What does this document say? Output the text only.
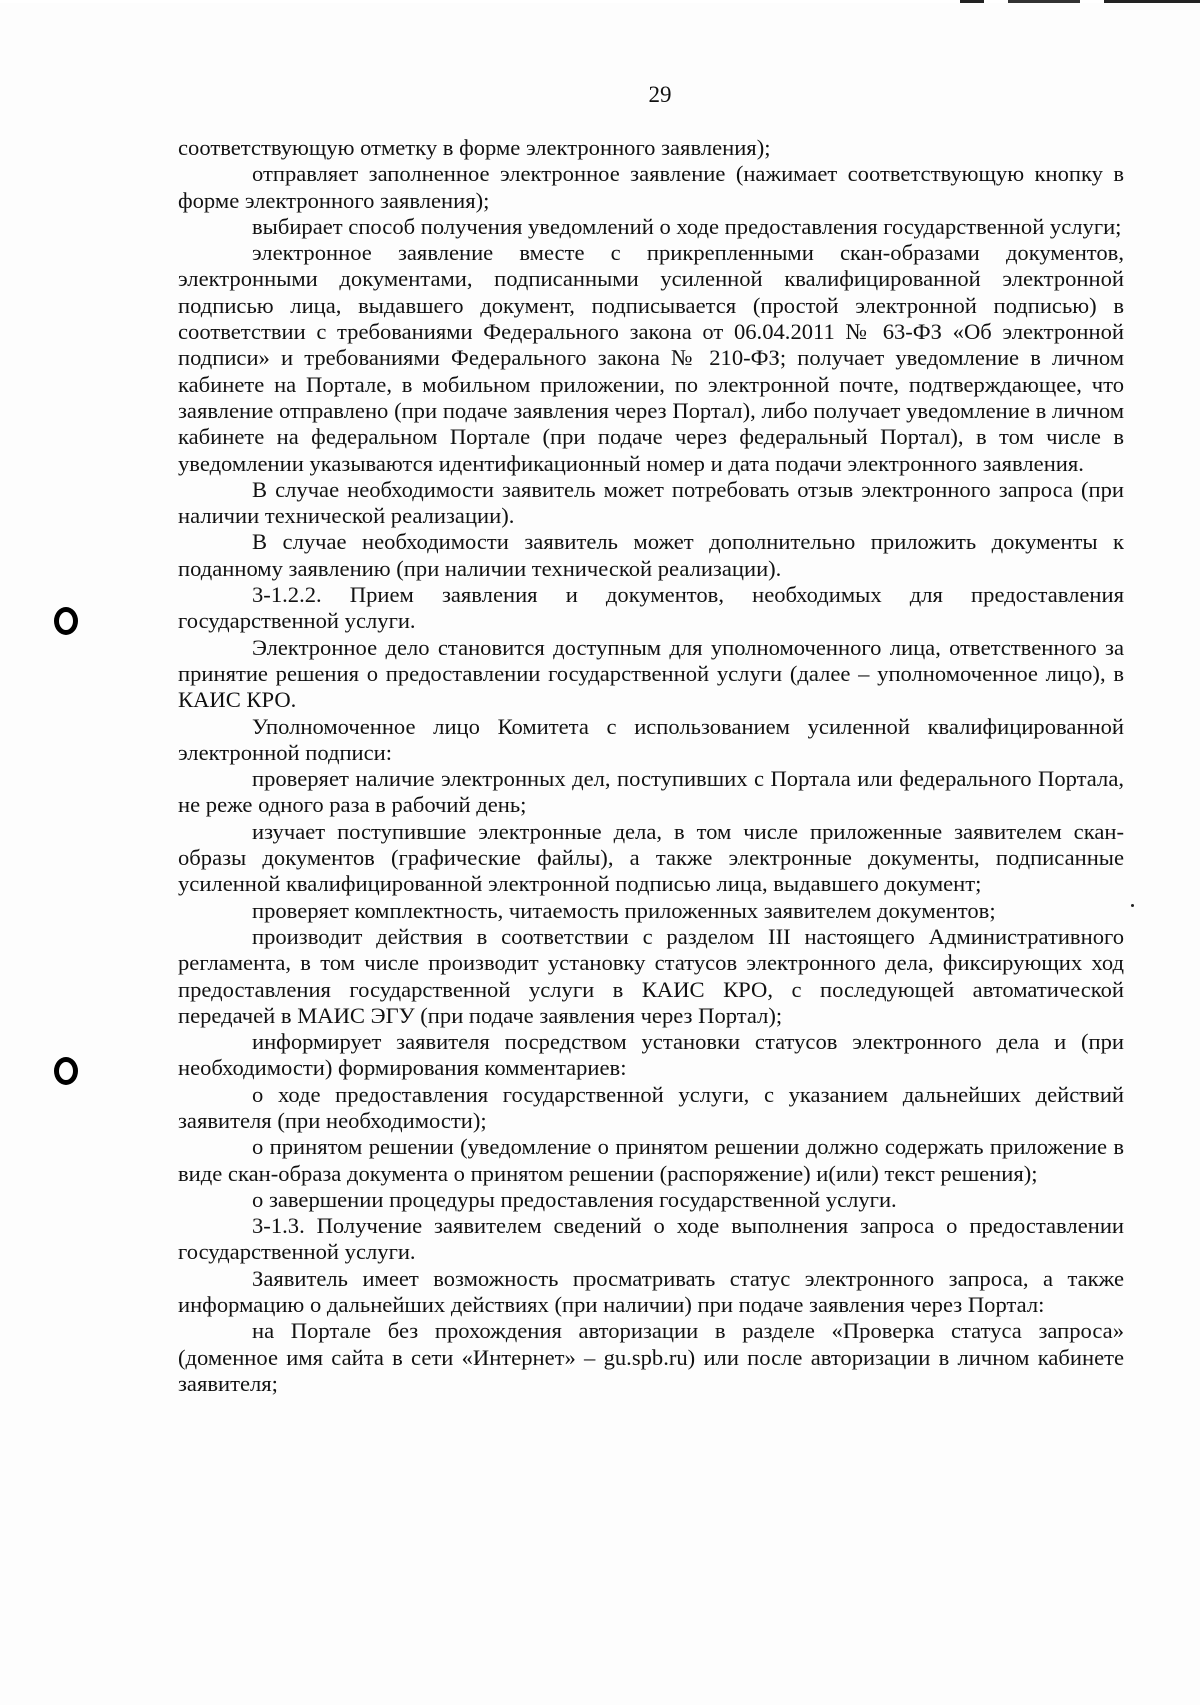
29

соответствующую отметку в форме электронного заявления);

отправляет заполненное электронное заявление (нажимает соответствующую кнопку в форме электронного заявления);

выбирает способ получения уведомлений о ходе предоставления государственной услуги;

электронное заявление вместе с прикрепленными скан-образами документов, электронными документами, подписанными усиленной квалифицированной электронной подписью лица, выдавшего документ, подписывается (простой электронной подписью) в соответствии с требованиями Федерального закона от 06.04.2011 № 63-ФЗ «Об электронной подписи» и требованиями Федерального закона № 210-ФЗ; получает уведомление в личном кабинете на Портале, в мобильном приложении, по электронной почте, подтверждающее, что заявление отправлено (при подаче заявления через Портал), либо получает уведомление в личном кабинете на федеральном Портале (при подаче через федеральный Портал), в том числе в уведомлении указываются идентификационный номер и дата подачи электронного заявления.

В случае необходимости заявитель может потребовать отзыв электронного запроса (при наличии технической реализации).

В случае необходимости заявитель может дополнительно приложить документы к поданному заявлению (при наличии технической реализации).

3-1.2.2. Прием заявления и документов, необходимых для предоставления государственной услуги.

Электронное дело становится доступным для уполномоченного лица, ответственного за принятие решения о предоставлении государственной услуги (далее – уполномоченное лицо), в КАИС КРО.

Уполномоченное лицо Комитета с использованием усиленной квалифицированной электронной подписи:

проверяет наличие электронных дел, поступивших с Портала или федерального Портала, не реже одного раза в рабочий день;

изучает поступившие электронные дела, в том числе приложенные заявителем скан-образы документов (графические файлы), а также электронные документы, подписанные усиленной квалифицированной электронной подписью лица, выдавшего документ;

проверяет комплектность, читаемость приложенных заявителем документов;

производит действия в соответствии с разделом III настоящего Административного регламента, в том числе производит установку статусов электронного дела, фиксирующих ход предоставления государственной услуги в КАИС КРО, с последующей автоматической передачей в МАИС ЭГУ (при подаче заявления через Портал);

информирует заявителя посредством установки статусов электронного дела и (при необходимости) формирования комментариев:

о ходе предоставления государственной услуги, с указанием дальнейших действий заявителя (при необходимости);

о принятом решении (уведомление о принятом решении должно содержать приложение в виде скан-образа документа о принятом решении (распоряжение) и(или) текст решения);

о завершении процедуры предоставления государственной услуги.

3-1.3. Получение заявителем сведений о ходе выполнения запроса о предоставлении государственной услуги.

Заявитель имеет возможность просматривать статус электронного запроса, а также информацию о дальнейших действиях (при наличии) при подаче заявления через Портал:

на Портале без прохождения авторизации в разделе «Проверка статуса запроса» (доменное имя сайта в сети «Интернет» – gu.spb.ru) или после авторизации в личном кабинете заявителя;
